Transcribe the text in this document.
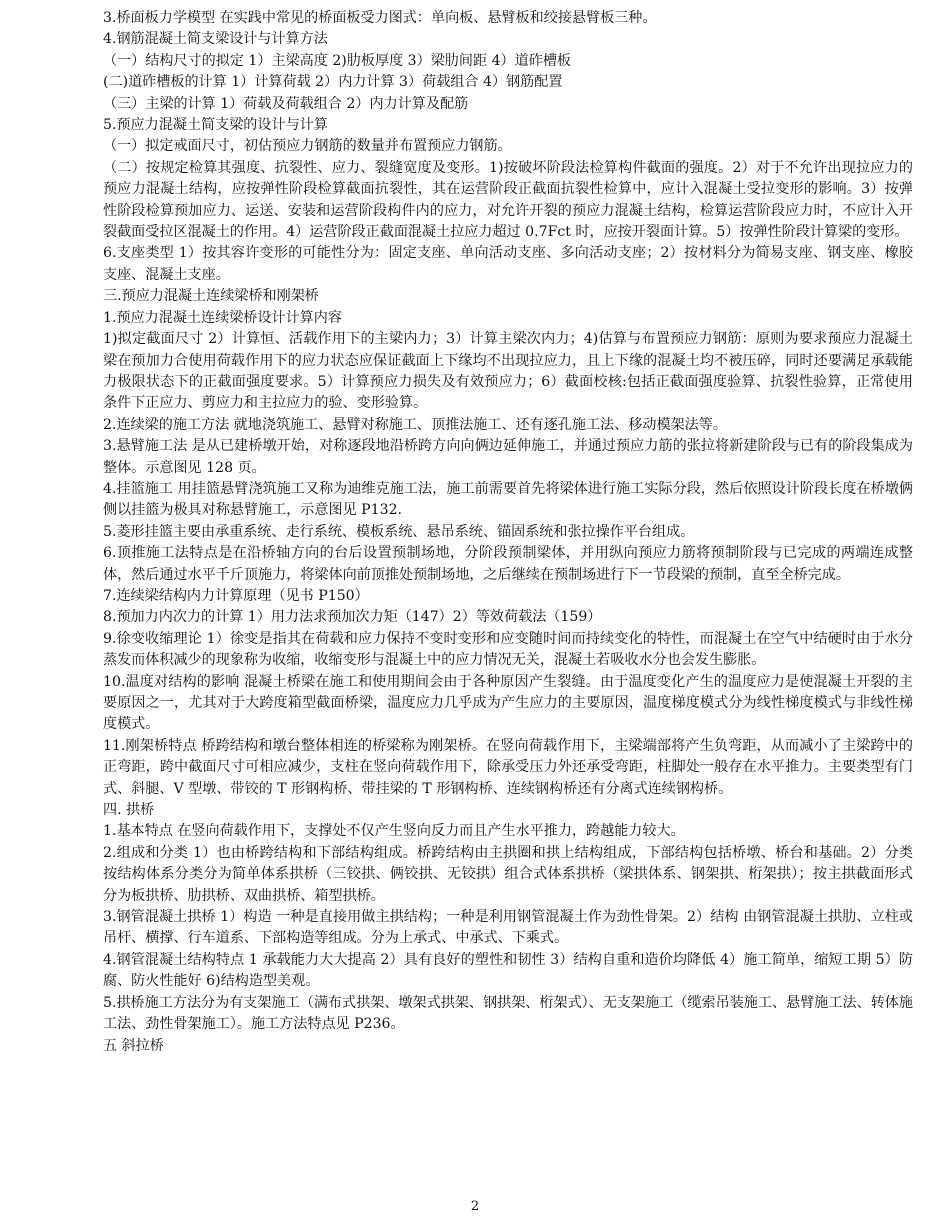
3.桥面板力学模型 在实践中常见的桥面板受力图式：单向板、悬臂板和绞接悬臂板三种。

4.钢筋混凝土简支梁设计与计算方法

（一）结构尺寸的拟定 1）主梁高度 2)肋板厚度 3）梁肋间距 4）道砟槽板

(二)道砟槽板的计算 1）计算荷载 2）内力计算 3）荷载组合 4）钢筋配置

（三）主梁的计算 1）荷载及荷载组合 2）内力计算及配筋

5.预应力混凝土简支梁的设计与计算

（一）拟定戒面尺寸，初估预应力钢筋的数量并布置预应力钢筋。

（二）按规定检算其强度、抗裂性、应力、裂缝宽度及变形。1)按破坏阶段法检算构件截面的强度。2）对于不允许出现拉应力的预应力混凝土结构，应按弹性阶段检算截面抗裂性，其在运营阶段正截面抗裂性检算中，应计入混凝土受拉变形的影响。3）按弹性阶段检算预加应力、运送、安装和运营阶段构件内的应力，对允许开裂的预应力混凝土结构，检算运营阶段应力时，不应计入开裂截面受拉区混凝土的作用。4）运营阶段正截面混凝土拉应力超过 0.7Fct 时，应按开裂面计算。5）按弹性阶段计算梁的变形。

6.支座类型 1）按其容许变形的可能性分为：固定支座、单向活动支座、多向活动支座；2）按材料分为简易支座、钢支座、橡胶支座、混凝土支座。

三.预应力混凝土连续梁桥和刚架桥

1.预应力混凝土连续梁桥设计计算内容

1)拟定截面尺寸 2）计算恒、活载作用下的主梁内力；3）计算主梁次内力；4)估算与布置预应力钢筋：原则为要求预应力混凝土梁在预加力合使用荷载作用下的应力状态应保证截面上下缘均不出现拉应力，且上下缘的混凝土均不被压碎，同时还要满足承载能力极限状态下的正截面强度要求。5）计算预应力损失及有效预应力；6）截面校核:包括正截面强度验算、抗裂性验算，正常使用条件下正应力、剪应力和主拉应力的验、变形验算。

2.连续梁的施工方法 就地浇筑施工、悬臂对称施工、顶推法施工、还有逐孔施工法、移动模架法等。

3.悬臂施工法 是从已建桥墩开始，对称逐段地沿桥跨方向向俩边延伸施工，并通过预应力筋的张拉将新建阶段与已有的阶段集成为整体。示意图见 128 页。

4.挂篮施工 用挂篮悬臂浇筑施工又称为迪维克施工法，施工前需要首先将梁体进行施工实际分段，然后依照设计阶段长度在桥墩俩侧以挂篮为极具对称悬臂施工，示意图见 P132.

5.菱形挂篮主要由承重系统、走行系统、模板系统、悬吊系统、锚固系统和张拉操作平台组成。

6.顶推施工法特点是在沿桥轴方向的台后设置预制场地，分阶段预制梁体，并用纵向预应力筋将预制阶段与已完成的两端连成整体，然后通过水平千斤顶施力，将梁体向前顶推处预制场地，之后继续在预制场进行下一节段梁的预制，直至全桥完成。

7.连续梁结构内力计算原理（见书 P150）

8.预加力内次力的计算 1）用力法求预加次力矩（147）2）等效荷载法（159）

9.徐变收缩理论 1）徐变是指其在荷载和应力保持不变时变形和应变随时间而持续变化的特性，而混凝土在空气中结硬时由于水分蒸发而体积减少的现象称为收缩，收缩变形与混凝土中的应力情况无关，混凝土若吸收水分也会发生膨胀。

10.温度对结构的影响 混凝土桥梁在施工和使用期间会由于各种原因产生裂缝。由于温度变化产生的温度应力是使混凝土开裂的主要原因之一，尤其对于大跨度箱型截面桥梁，温度应力几乎成为产生应力的主要原因，温度梯度模式分为线性梯度模式与非线性梯度模式。

11.刚架桥特点 桥跨结构和墩台整体相连的桥梁称为刚架桥。在竖向荷载作用下，主梁端部将产生负弯距，从而减小了主梁跨中的正弯距，跨中截面尺寸可相应减少，支柱在竖向荷载作用下，除承受压力外还承受弯距，柱脚处一般存在水平推力。主要类型有门式、斜腿、V 型墩、带铰的 T 形钢构桥、带挂梁的 T 形钢构桥、连续钢构桥还有分离式连续钢构桥。

四. 拱桥

1.基本特点 在竖向荷载作用下，支撑处不仅产生竖向反力而且产生水平推力，跨越能力较大。

2.组成和分类 1）也由桥跨结构和下部结构组成。桥跨结构由主拱圈和拱上结构组成，下部结构包括桥墩、桥台和基础。2）分类 按结构体系分类分为简单体系拱桥（三铰拱、俩铰拱、无铰拱）组合式体系拱桥（梁拱体系、钢架拱、桁架拱）；按主拱截面形式分为板拱桥、肋拱桥、双曲拱桥、箱型拱桥。

3.钢管混凝土拱桥 1）构造 一种是直接用做主拱结构；一种是利用钢管混凝土作为劲性骨架。2）结构 由钢管混凝土拱肋、立柱或吊杆、横撑、行车道系、下部构造等组成。分为上承式、中承式、下乘式。

4.钢管混凝土结构特点 1 承载能力大大提高 2）具有良好的塑性和韧性 3）结构自重和造价均降低 4）施工简单，缩短工期 5）防腐、防火性能好 6)结构造型美观。

5.拱桥施工方法分为有支架施工（满布式拱架、墩架式拱架、钢拱架、桁架式）、无支架施工（缆索吊装施工、悬臂施工法、转体施工法、劲性骨架施工）。施工方法特点见 P236。

五 斜拉桥

2
